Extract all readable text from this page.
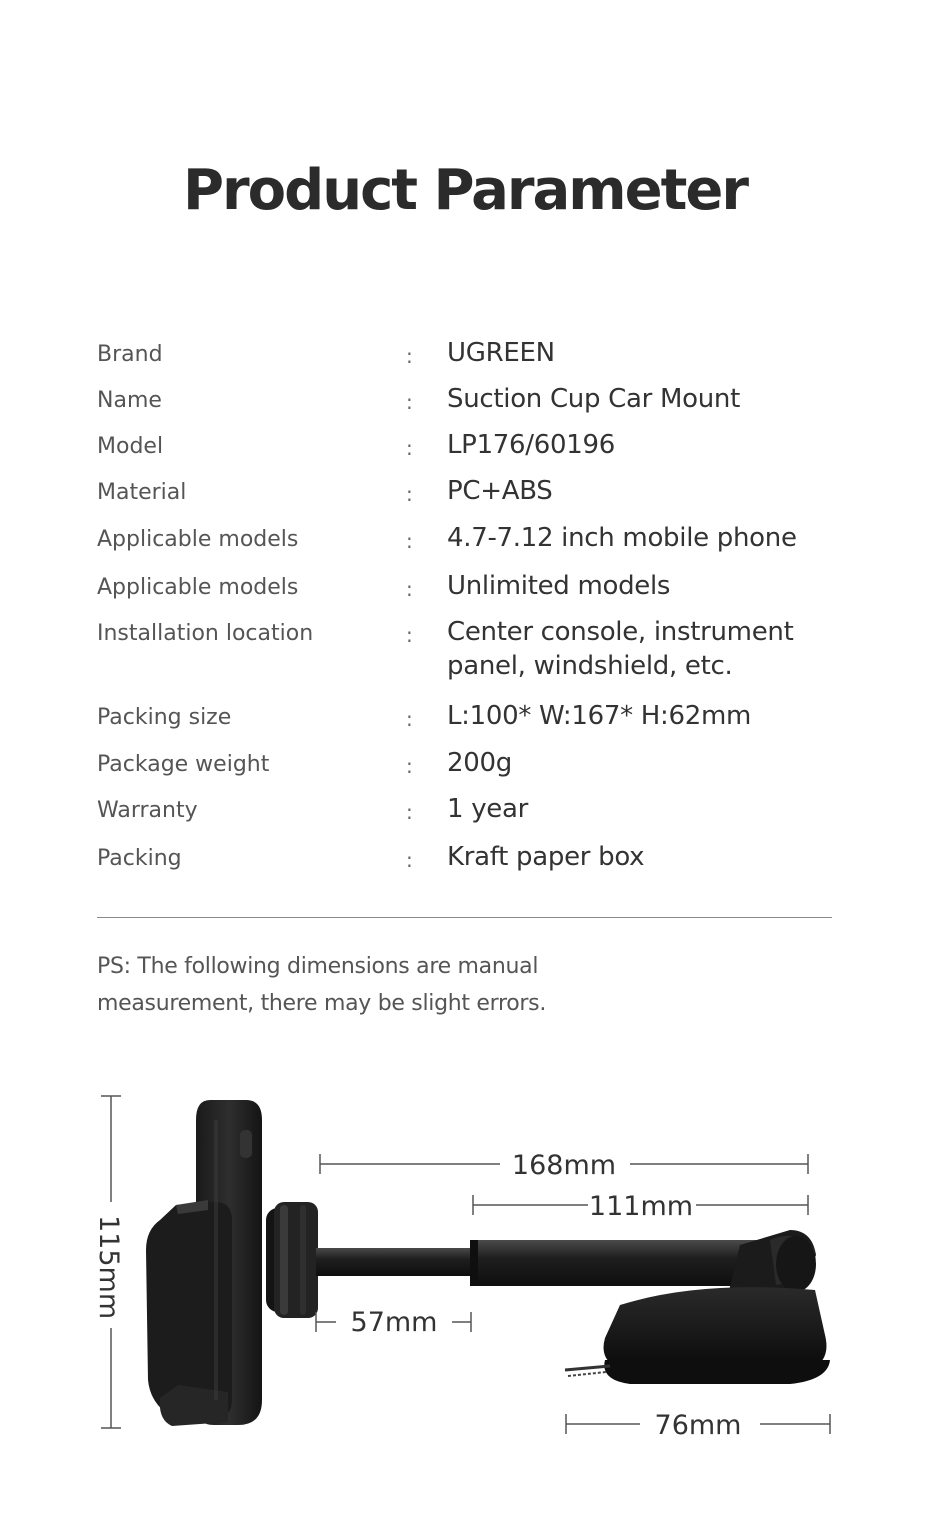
Product Parameter
Brand	: UGREEN
Name	: Suction Cup Car Mount
Model	: LP176/60196
Material	: PC+ABS
Applicable models	: 4.7-7.12 inch mobile phone
Applicable models	: Unlimited models
Installation location	: Center console, instrument panel, windshield, etc.
Packing size	: L:100* W:167* H:62mm
Package weight	: 200g
Warranty	: 1 year
Packing	: Kraft paper box
PS: The following dimensions are manual measurement, there may be slight errors.
115mm
168mm
111mm
57mm
76mm
